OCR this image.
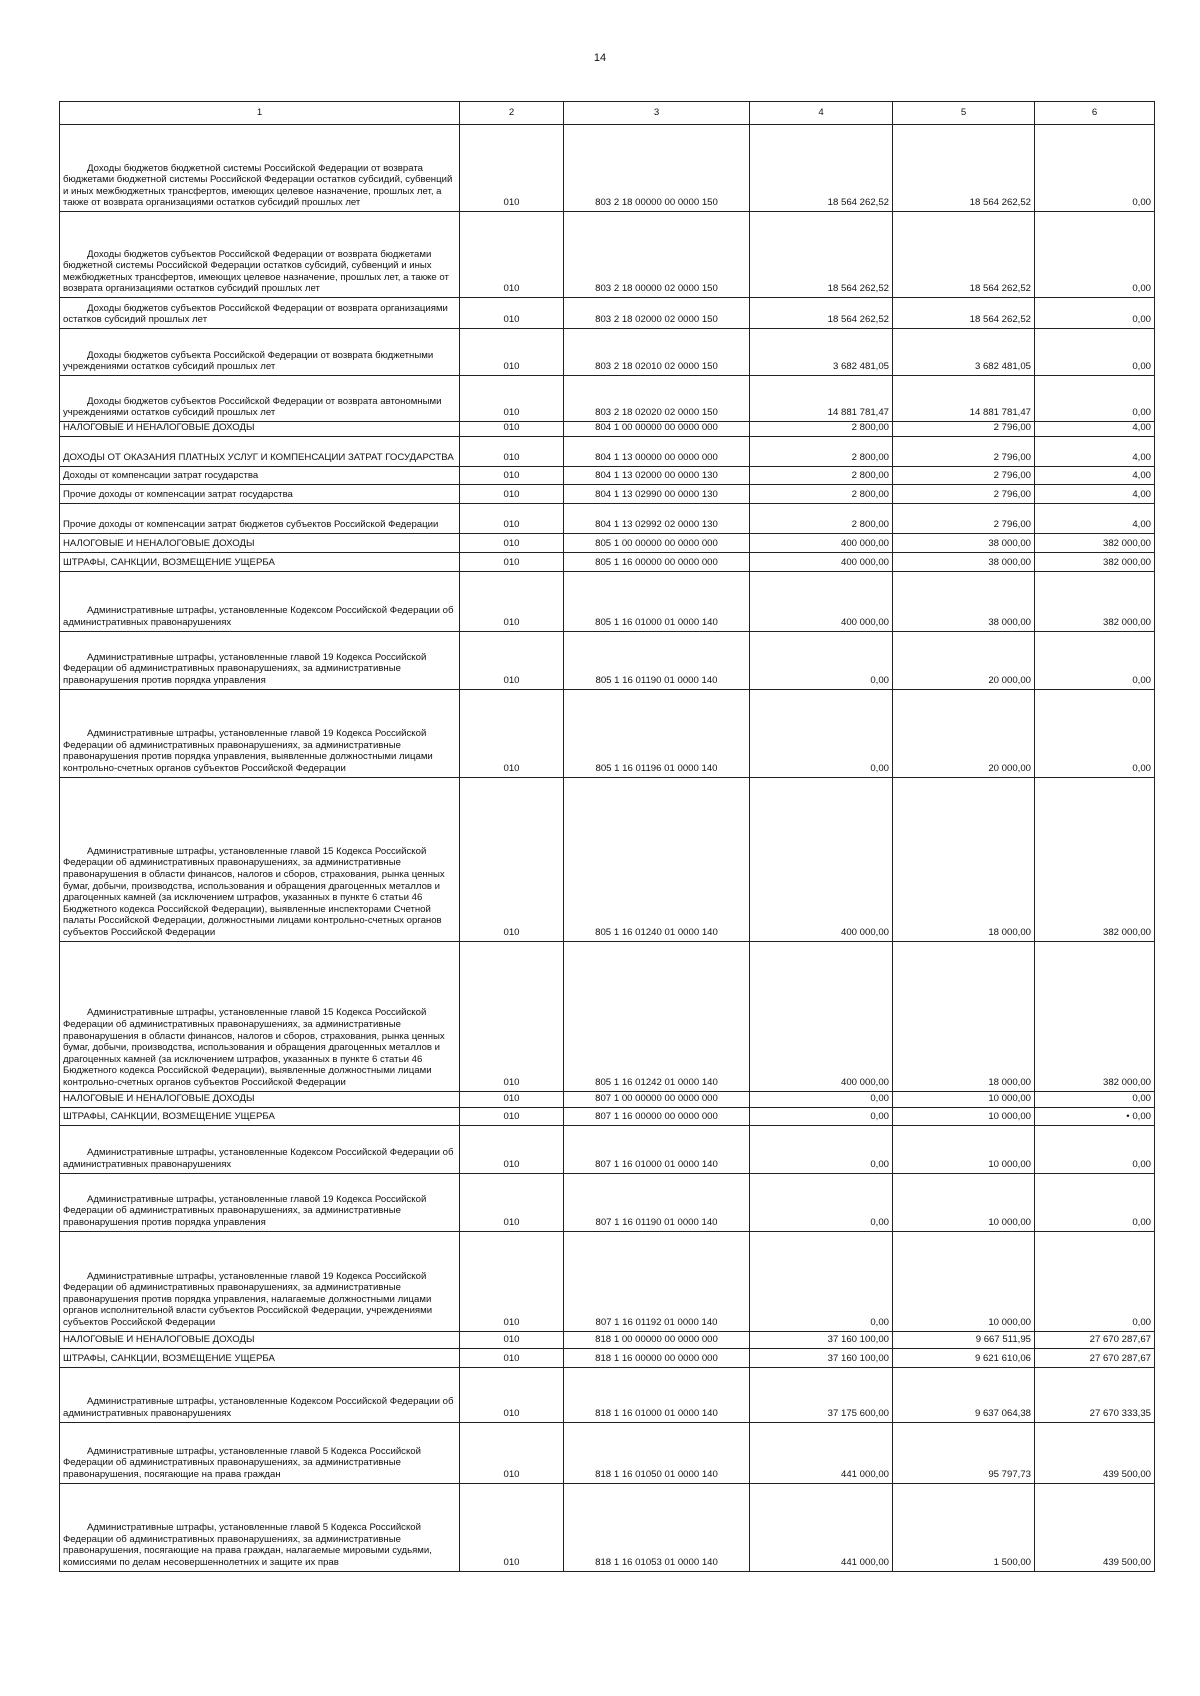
14
1	2	3	4	5	6
Доходы бюджетов бюджетной системы Российской Федерации от возврата бюджетами бюджетной системы Российской Федерации остатков субсидий, субвенций и иных межбюджетных трансфертов, имеющих целевое назначение, прошлых лет, а также от возврата организациями остатков субсидий прошлых лет	010	803 2 18 00000 00 0000 150	18 564 262,52	18 564 262,52	0,00
Доходы бюджетов субъектов Российской Федерации от возврата бюджетами бюджетной системы Российской Федерации остатков субсидий, субвенций и иных межбюджетных трансфертов, имеющих целевое назначение, прошлых лет, а также от возврата организациями остатков субсидий прошлых лет	010	803 2 18 00000 02 0000 150	18 564 262,52	18 564 262,52	0,00
Доходы бюджетов субъектов Российской Федерации от возврата организациями остатков субсидий прошлых лет	010	803 2 18 02000 02 0000 150	18 564 262,52	18 564 262,52	0,00
Доходы бюджетов субъекта Российской Федерации от возврата бюджетными учреждениями остатков субсидий прошлых лет	010	803 2 18 02010 02 0000 150	3 682 481,05	3 682 481,05	0,00
Доходы бюджетов субъектов Российской Федерации от возврата автономными учреждениями остатков субсидий прошлых лет	010	803 2 18 02020 02 0000 150	14 881 781,47	14 881 781,47	0,00
НАЛОГОВЫЕ И НЕНАЛОГОВЫЕ ДОХОДЫ	010	804 1 00 00000 00 0000 000	2 800,00	2 796,00	4,00
ДОХОДЫ ОТ ОКАЗАНИЯ ПЛАТНЫХ УСЛУГ И КОМПЕНСАЦИИ ЗАТРАТ ГОСУДАРСТВА	010	804 1 13 00000 00 0000 000	2 800,00	2 796,00	4,00
Доходы от компенсации затрат государства	010	804 1 13 02000 00 0000 130	2 800,00	2 796,00	4,00
Прочие доходы от компенсации затрат государства	010	804 1 13 02990 00 0000 130	2 800,00	2 796,00	4,00
Прочие доходы от компенсации затрат бюджетов субъектов Российской Федерации	010	804 1 13 02992 02 0000 130	2 800,00	2 796,00	4,00
НАЛОГОВЫЕ И НЕНАЛОГОВЫЕ ДОХОДЫ	010	805 1 00 00000 00 0000 000	400 000,00	38 000,00	382 000,00
ШТРАФЫ, САНКЦИИ, ВОЗМЕЩЕНИЕ УЩЕРБА	010	805 1 16 00000 00 0000 000	400 000,00	38 000,00	382 000,00
Административные штрафы, установленные Кодексом Российской Федерации об административных правонарушениях	010	805 1 16 01000 01 0000 140	400 000,00	38 000,00	382 000,00
Административные штрафы, установленные главой 19 Кодекса Российской Федерации об административных правонарушениях, за административные правонарушения против порядка управления	010	805 1 16 01190 01 0000 140	0,00	20 000,00	0,00
Административные штрафы, установленные главой 19 Кодекса Российской Федерации об административных правонарушениях, за административные правонарушения против порядка управления, выявленные должностными лицами контрольно-счетных органов субъектов Российской Федерации	010	805 1 16 01196 01 0000 140	0,00	20 000,00	0,00
Административные штрафы, установленные главой 15 Кодекса Российской Федерации об административных правонарушениях, за административные правонарушения в области финансов, налогов и сборов, страхования, рынка ценных бумаг, добычи, производства, использования и обращения драгоценных металлов и драгоценных камней (за исключением штрафов, указанных в пункте 6 статьи 46 Бюджетного кодекса Российской Федерации), выявленные инспекторами Счетной палаты Российской Федерации, должностными лицами контрольно-счетных органов субъектов Российской Федерации	010	805 1 16 01240 01 0000 140	400 000,00	18 000,00	382 000,00
Административные штрафы, установленные главой 15 Кодекса Российской Федерации об административных правонарушениях, за административные правонарушения в области финансов, налогов и сборов, страхования, рынка ценных бумаг, добычи, производства, использования и обращения драгоценных металлов и драгоценных камней (за исключением штрафов, указанных в пункте 6 статьи 46 Бюджетного кодекса Российской Федерации), выявленные должностными лицами контрольно-счетных органов субъектов Российской Федерации	010	805 1 16 01242 01 0000 140	400 000,00	18 000,00	382 000,00
НАЛОГОВЫЕ И НЕНАЛОГОВЫЕ ДОХОДЫ	010	807 1 00 00000 00 0000 000	0,00	10 000,00	0,00
ШТРАФЫ, САНКЦИИ, ВОЗМЕЩЕНИЕ УЩЕРБА	010	807 1 16 00000 00 0000 000	0,00	10 000,00	• 0,00
Административные штрафы, установленные Кодексом Российской Федерации об административных правонарушениях	010	807 1 16 01000 01 0000 140	0,00	10 000,00	0,00
Административные штрафы, установленные главой 19 Кодекса Российской Федерации об административных правонарушениях, за административные правонарушения против порядка управления	010	807 1 16 01190 01 0000 140	0,00	10 000,00	0,00
Административные штрафы, установленные главой 19 Кодекса Российской Федерации об административных правонарушениях, за административные правонарушения против порядка управления, налагаемые должностными лицами органов исполнительной власти субъектов Российской Федерации, учреждениями субъектов Российской Федерации	010	807 1 16 01192 01 0000 140	0,00	10 000,00	0,00
НАЛОГОВЫЕ И НЕНАЛОГОВЫЕ ДОХОДЫ	010	818 1 00 00000 00 0000 000	37 160 100,00	9 667 511,95	27 670 287,67
ШТРАФЫ, САНКЦИИ, ВОЗМЕЩЕНИЕ УЩЕРБА	010	818 1 16 00000 00 0000 000	37 160 100,00	9 621 610,06	27 670 287,67
Административные штрафы, установленные Кодексом Российской Федерации об административных правонарушениях	010	818 1 16 01000 01 0000 140	37 175 600,00	9 637 064,38	27 670 333,35
Административные штрафы, установленные главой 5 Кодекса Российской Федерации об административных правонарушениях, за административные правонарушения, посягающие на права граждан	010	818 1 16 01050 01 0000 140	441 000,00	95 797,73	439 500,00
Административные штрафы, установленные главой 5 Кодекса Российской Федерации об административных правонарушениях, за административные правонарушения, посягающие на права граждан, налагаемые мировыми судьями, комиссиями по делам несовершеннолетних и защите их прав	010	818 1 16 01053 01 0000 140	441 000,00	1 500,00	439 500,00
